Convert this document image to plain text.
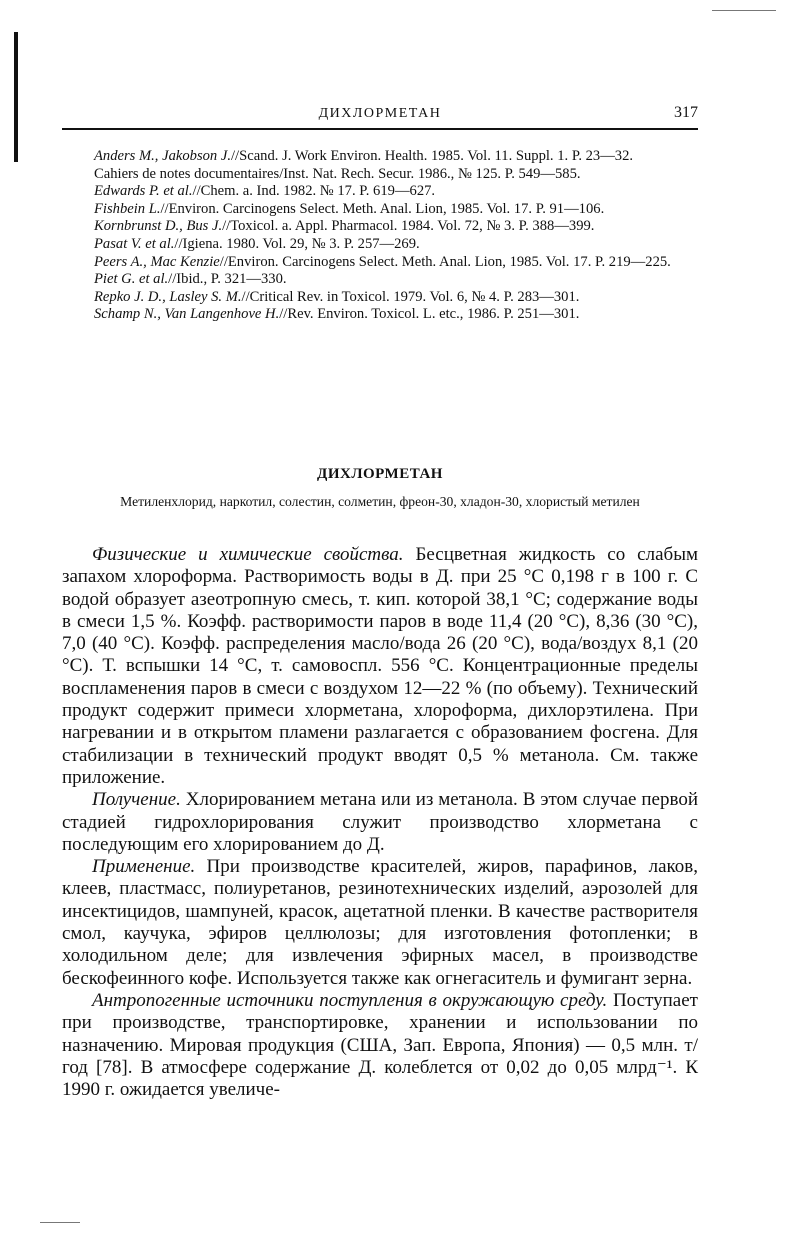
ДИХЛОРМЕТАН	317

Anders M., Jakobson J.//Scand. J. Work Environ. Health. 1985. Vol. 11. Suppl. 1. P. 23—32.

Cahiers de notes documentaires/Inst. Nat. Rech. Secur. 1986., № 125. P. 549—585.

Edwards P. et al.//Chem. a. Ind. 1982. № 17. P. 619—627.

Fishbein L.//Environ. Carcinogens Select. Meth. Anal. Lion, 1985. Vol. 17. P. 91—106.

Kornbrunst D., Bus J.//Toxicol. a. Appl. Pharmacol. 1984. Vol. 72, № 3. P. 388—399.

Pasat V. et al.//Igiena. 1980. Vol. 29, № 3. P. 257—269.

Peers A., Mac Kenzie//Environ. Carcinogens Select. Meth. Anal. Lion, 1985. Vol. 17. P. 219—225.

Piet G. et al.//Ibid., P. 321—330.

Repko J. D., Lasley S. M.//Critical Rev. in Toxicol. 1979. Vol. 6, № 4. P. 283—301.

Schamp N., Van Langenhove H.//Rev. Environ. Toxicol. L. etc., 1986. P. 251—301.

ДИХЛОРМЕТАН
Метиленхлорид, наркотил, солестин, солметин, фреон-30, хладон-30, хлористый метилен

Физические и химические свойства. Бесцветная жидкость со слабым запахом хлороформа. Растворимость воды в Д. при 25 °С 0,198 г в 100 г. С водой образует азеотропную смесь, т. кип. которой 38,1 °С; содержание воды в смеси 1,5 %. Коэфф. растворимости паров в воде 11,4 (20 °С), 8,36 (30 °С), 7,0 (40 °С). Коэфф. распределения масло/вода 26 (20 °С), вода/воздух 8,1 (20 °С). Т. вспышки 14 °С, т. самовоспл. 556 °С. Концентрационные пределы воспламенения паров в смеси с воздухом 12—22 % (по объему). Технический продукт содержит примеси хлорметана, хлороформа, дихлорэтилена. При нагревании и в открытом пламени разлагается с образованием фосгена. Для стабилизации в технический продукт вводят 0,5 % метанола. См. также приложение.

Получение. Хлорированием метана или из метанола. В этом случае первой стадией гидрохлорирования служит производство хлорметана с последующим его хлорированием до Д.

Применение. При производстве красителей, жиров, парафинов, лаков, клеев, пластмасс, полиуретанов, резинотехнических изделий, аэрозолей для инсектицидов, шампуней, красок, ацетатной пленки. В качестве растворителя смол, каучука, эфиров целлюлозы; для изготовления фотопленки; в холодильном деле; для извлечения эфирных масел, в производстве бескофеинного кофе. Используется также как огнегаситель и фумигант зерна.

Антропогенные источники поступления в окружающую среду. Поступает при производстве, транспортировке, хранении и использовании по назначению. Мировая продукция (США, Зап. Европа, Япония) — 0,5 млн. т/год [78]. В атмосфере содержание Д. колеблется от 0,02 до 0,05 млрд⁻¹. К 1990 г. ожидается увеличе-
